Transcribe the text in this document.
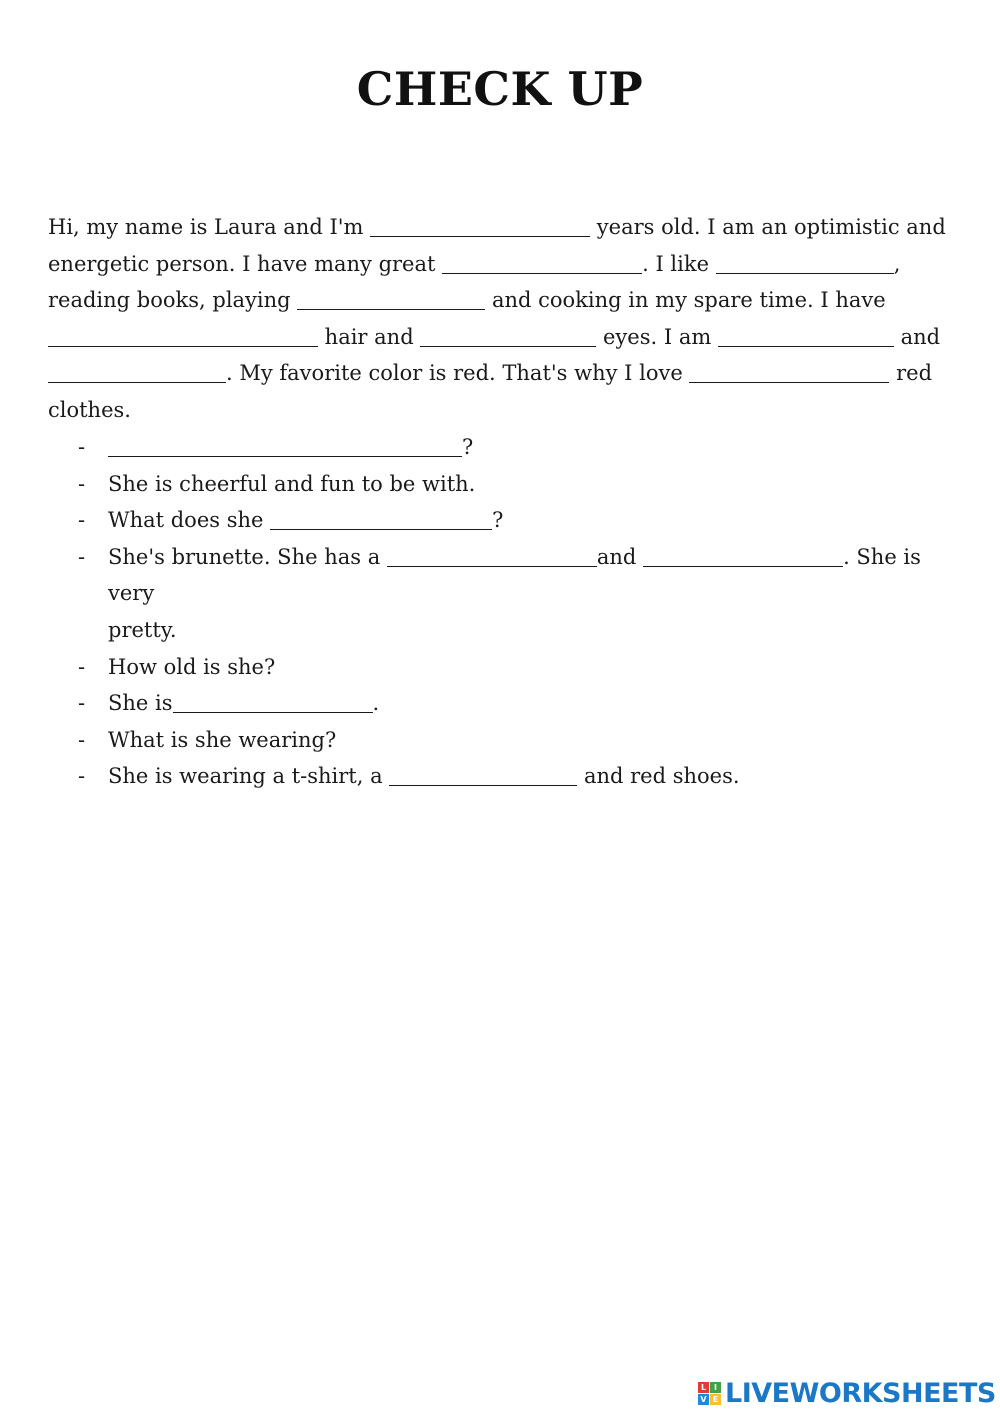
CHECK UP
Hi, my name is Laura and I'm	years old. I am an optimistic and
energetic person. I have many great	. I like	,
reading books, playing	and cooking in my spare time. I have
hair and	eyes. I am	and
. My favorite color is red. That's why I love	red
clothes.
-	?
- She is cheerful and fun to be with.
- What does she	?
- She's brunette. She has a	and	. She is very
pretty.
- How old is she?
- She is	.
- What is she wearing?
- She is wearing a t-shirt, a	and red shoes.
L I
V E LIVEWORKSHEETS
